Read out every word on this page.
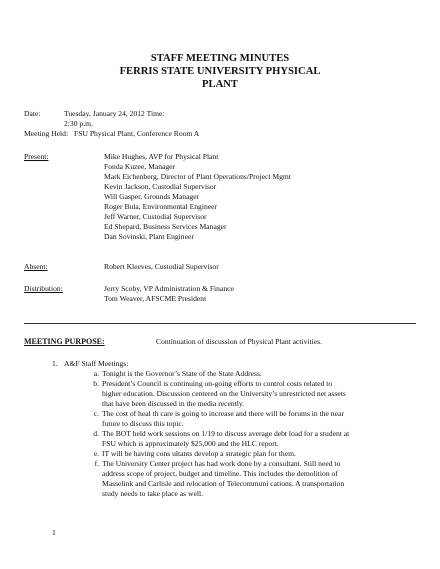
STAFF MEETING MINUTES
FERRIS STATE UNIVERSITY PHYSICAL
PLANT
Date:	Tuesday, January 24, 2012 Time:
2:30 p.m.
Meeting Held: FSU Physical Plant, Conference Room A
Present:	Mike Hughes, AVP for Physical Plant
Fonda Kuzee, Manager
Mark Eichenberg, Director of Plant Operations/Project Mgmt
Kevin Jackson, Custodial Supervisor
Will Gasper, Grounds Manager
Roger Bula, Environmental Engineer
Jeff Warner, Custodial Supervisor
Ed Shepard, Business Services Manager
Dan Sovinski, Plant Engineer
Absent:	Robert Kleeves, Custodial Supervisor
Distribution:	Jerry Scoby, VP Administration & Finance
Tom Weaver, AFSCME President
MEETING PURPOSE:	Continuation of discussion of Physical Plant activities.
1. A&F Staff Meetings:
a. Tonight is the Governor’s State of the State Address.
b. President’s Council is continuing on-going efforts to control costs related to
higher education. Discussion centered on the University’s unrestricted net assets
that have been discussed in the media recently.
c. The cost of heal th care is going to increase and there will be forums in the near
future to discuss this topic.
d. The BOT held work sessions on 1/19 to discuss average debt load for a student at
FSU which is approximately $25,000 and the HLC report.
e. IT will be having cons ultants develop a strategic plan for them.
f. The University Center project has had work done by a consultant. Still need to
address scope of project, budget and timeline. This includes the demolition of
Masselink and Carlisle and relocation of Telecommuni cations. A transportation
study needs to take place as well.
1
